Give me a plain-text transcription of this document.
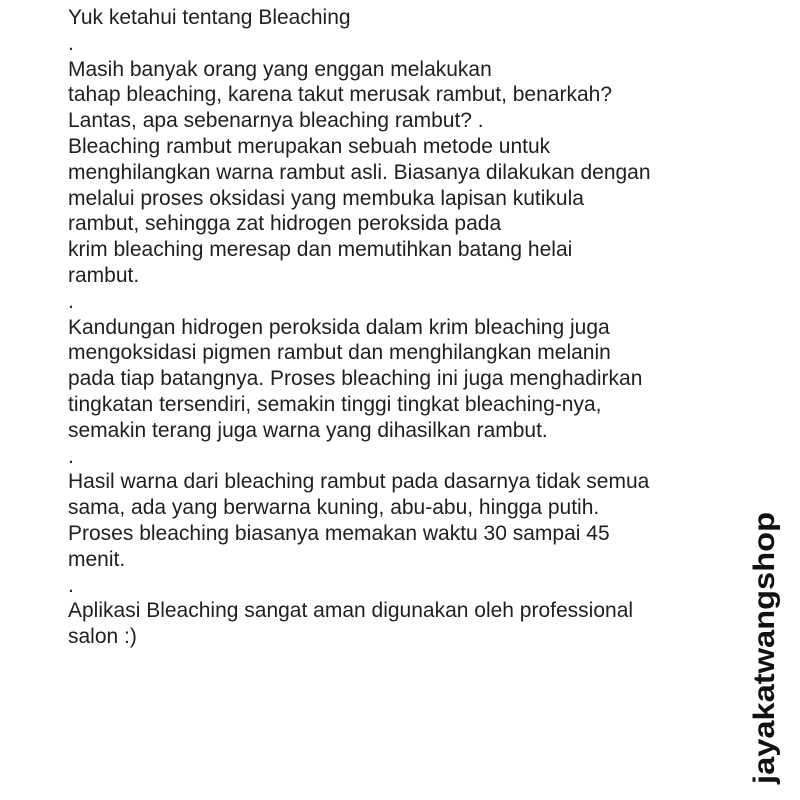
Yuk ketahui tentang Bleaching
.
Masih banyak orang yang enggan melakukan
tahap bleaching, karena takut merusak rambut, benarkah?
Lantas, apa sebenarnya bleaching rambut? .
Bleaching rambut merupakan sebuah metode untuk
menghilangkan warna rambut asli. Biasanya dilakukan dengan
melalui proses oksidasi yang membuka lapisan kutikula
rambut, sehingga zat hidrogen peroksida pada
krim bleaching meresap dan memutihkan batang helai
rambut.
.
Kandungan hidrogen peroksida dalam krim bleaching juga
mengoksidasi pigmen rambut dan menghilangkan melanin
pada tiap batangnya. Proses bleaching ini juga menghadirkan
tingkatan tersendiri, semakin tinggi tingkat bleaching-nya,
semakin terang juga warna yang dihasilkan rambut.
.
Hasil warna dari bleaching rambut pada dasarnya tidak semua
sama, ada yang berwarna kuning, abu-abu, hingga putih.
Proses bleaching biasanya memakan waktu 30 sampai 45
menit.
.
Aplikasi Bleaching sangat aman digunakan oleh professional
salon :)	jayakatwangshop
